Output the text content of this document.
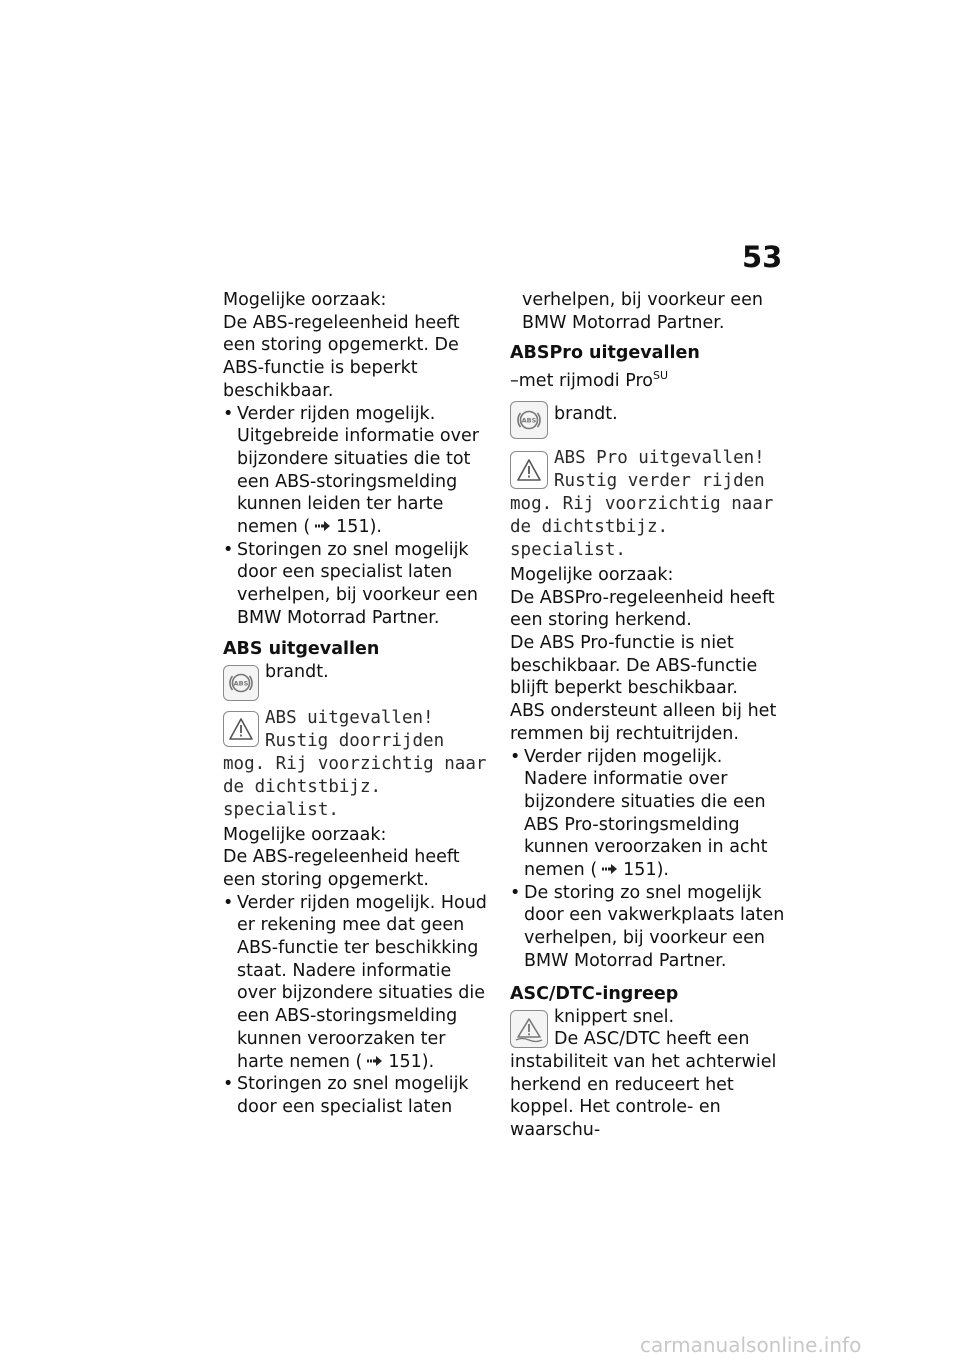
53

Mogelijke oorzaak:

De ABS-regeleenheid heeft een storing opgemerkt. De ABS-functie is beperkt beschikbaar.

• Verder rijden mogelijk. Uitgebreide informatie over bijzondere situaties die tot een ABS-storingsmelding kunnen leiden ter harte nemen ( 151).

• Storingen zo snel mogelijk door een specialist laten verhelpen, bij voorkeur een BMW Motorrad Partner.

ABS uitgevallen

ABS

brandt.

ABS uitgevallen! Rustig doorrijden mog. Rij voorzichtig naar de dichtstbijz. specialist.

Mogelijke oorzaak:

De ABS-regeleenheid heeft een storing opgemerkt.

• Verder rijden mogelijk. Houd er rekening mee dat geen ABS-functie ter beschikking staat. Nadere informatie over bijzondere situaties die een ABS-storingsmelding kunnen veroorzaken ter harte nemen ( 151).

• Storingen zo snel mogelijk door een specialist laten

verhelpen, bij voorkeur een BMW Motorrad Partner.

ABSPro uitgevallen

–met rijmodi Pro$^{SU}$

ABS	brandt.

ABS Pro uitgevallen! Rustig verder rijden mog. Rij voorzichtig naar de dichtstbijz. specialist.

Mogelijke oorzaak:

De ABSPro-regeleenheid heeft een storing herkend.

De ABS Pro-functie is niet beschikbaar. De ABS-functie blijft beperkt beschikbaar.

ABS ondersteunt alleen bij het remmen bij rechtuitrijden.

• Verder rijden mogelijk. Nadere informatie over bijzondere situaties die een ABS Pro-storingsmelding kunnen veroorzaken in acht nemen ( 151).

• De storing zo snel mogelijk door een vakwerkplaats laten verhelpen, bij voorkeur een BMW Motorrad Partner.

ASC/DTC-ingreep

knippert snel.

De ASC/DTC heeft een instabiliteit van het achterwiel herkend en reduceert het koppel. Het controle- en waarschu-

carmanualsonline.info
